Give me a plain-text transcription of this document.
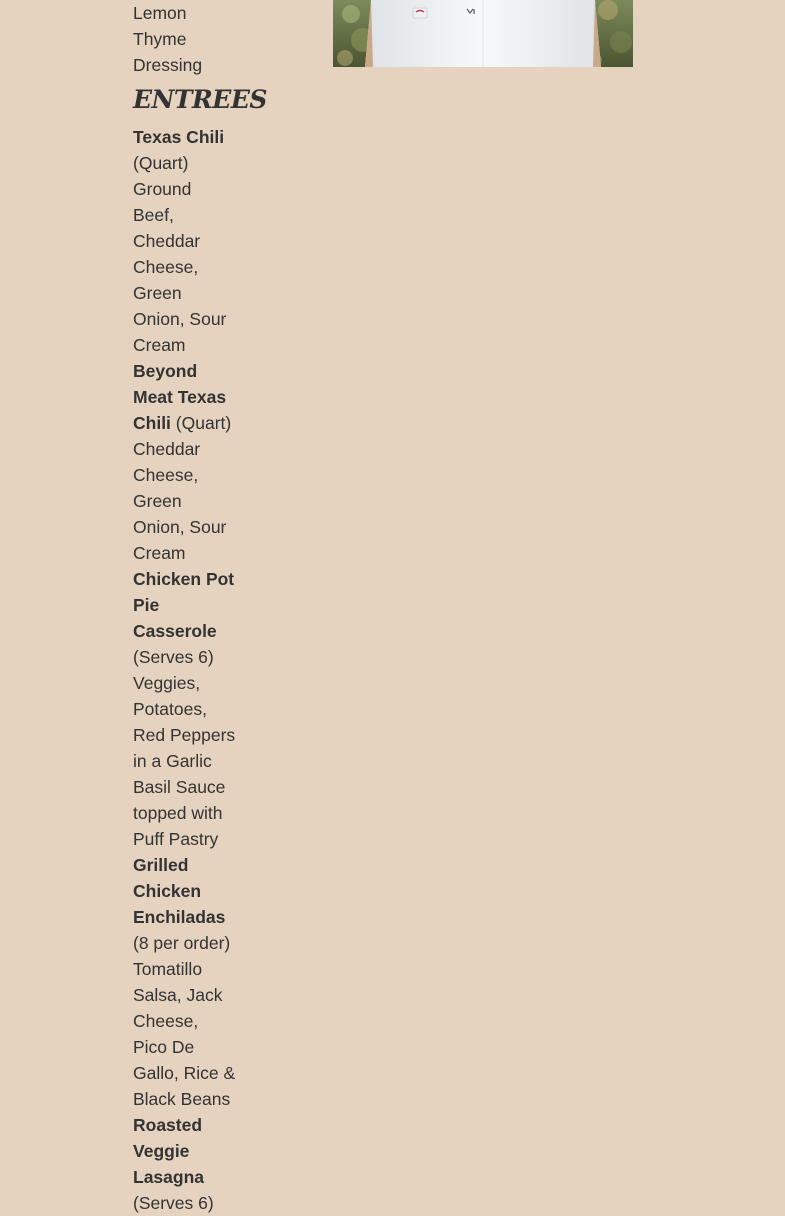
Lemon Thyme Dressing

ENTREES

Texas Chili (Quart) Ground Beef, Cheddar Cheese, Green Onion, Sour Cream

Beyond Meat Texas Chili (Quart) Cheddar Cheese, Green Onion, Sour Cream

Chicken Pot Pie Casserole (Serves 6) Veggies, Potatoes, Red Peppers in a Garlic Basil Sauce topped with Puff Pastry

Grilled Chicken Enchiladas (8 per order) Tomatillo Salsa, Jack Cheese, Pico De Gallo, Rice & Black Beans

Roasted Veggie Lasagna (Serves 6)
